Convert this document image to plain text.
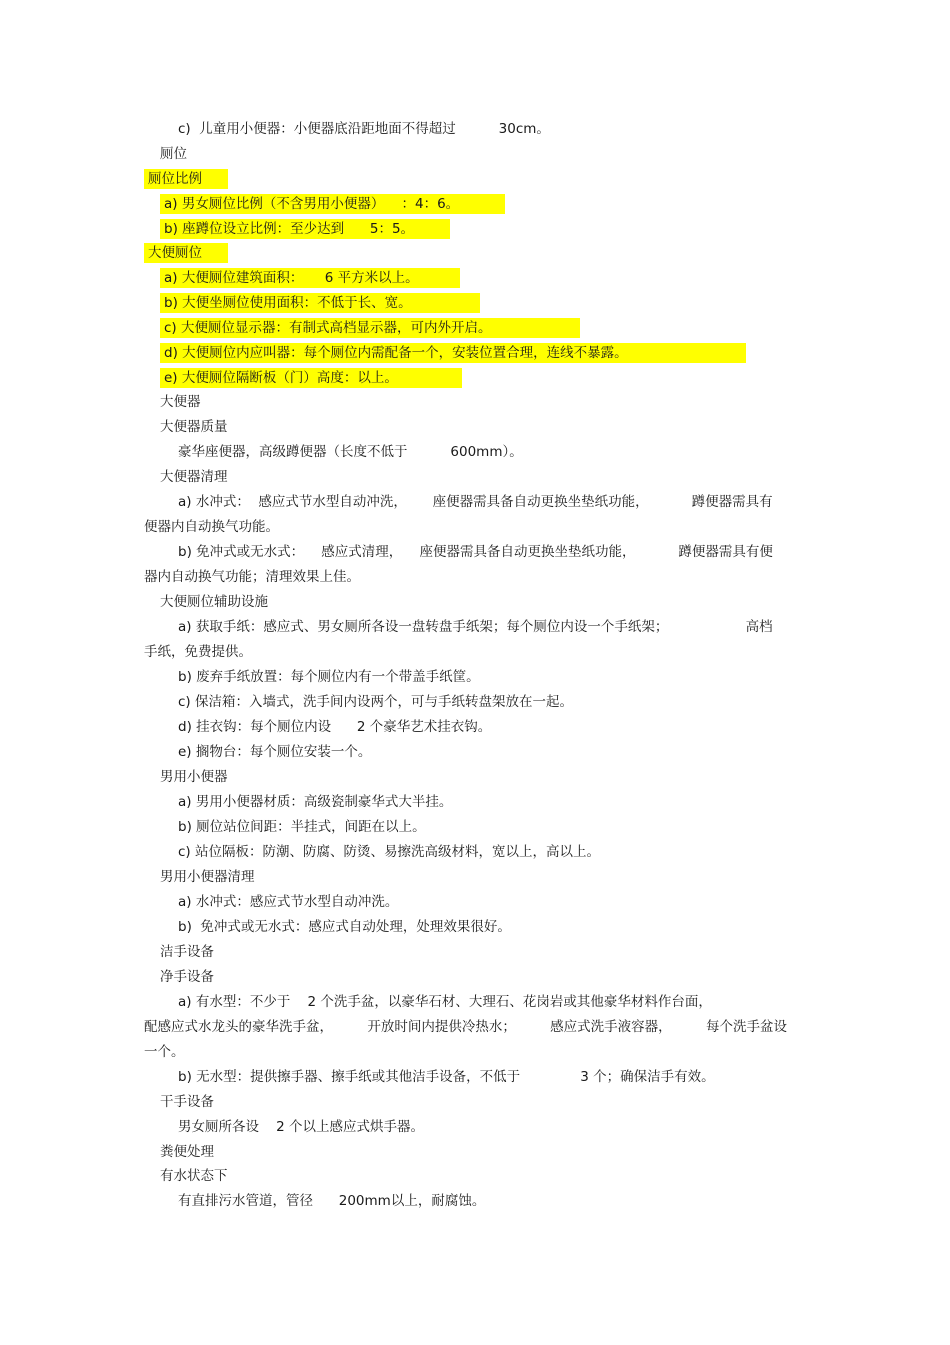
c)  儿童用小便器：小便器底沿距地面不得超过          30cm。
厕位
厕位比例
a) 男女厕位比例（不含男用小便器）    ：4：6。
b) 座蹲位设立比例：至少达到      5：5。
大便厕位
a) 大便厕位建筑面积：     6 平方米以上。
b) 大便坐厕位使用面积：不低于长、宽。
c) 大便厕位显示器：有制式高档显示器，可内外开启。
d) 大便厕位内应叫器：每个厕位内需配备一个，安装位置合理，连线不暴露。
e) 大便厕位隔断板（门）高度：以上。
大便器
大便器质量
豪华座便器，高级蹲便器（长度不低于          600mm）。
大便器清理
a) 水冲式：  感应式节水型自动冲洗，      座便器需具备自动更换坐垫纸功能，          蹲便器需具有
便器内自动换气功能。
b) 免冲式或无水式：    感应式清理，    座便器需具备自动更换坐垫纸功能，          蹲便器需具有便
器内自动换气功能；清理效果上佳。
大便厕位辅助设施
a) 获取手纸：感应式、男女厕所各设一盘转盘手纸架；每个厕位内设一个手纸架；                  高档
手纸，免费提供。
b) 废弃手纸放置：每个厕位内有一个带盖手纸筐。
c) 保洁箱：入墙式，洗手间内设两个，可与手纸转盘架放在一起。
d) 挂衣钩：每个厕位内设      2 个豪华艺术挂衣钩。
e) 搁物台：每个厕位安装一个。
男用小便器
a) 男用小便器材质：高级瓷制豪华式大半挂。
b) 厕位站位间距：半挂式，间距在以上。
c) 站位隔板：防潮、防腐、防烫、易擦洗高级材料，宽以上，高以上。
男用小便器清理
a) 水冲式：感应式节水型自动冲洗。
b)  免冲式或无水式：感应式自动处理，处理效果很好。
洁手设备
净手设备
a) 有水型：不少于    2 个洗手盆，以豪华石材、大理石、花岗岩或其他豪华材料作台面，
配感应式水龙头的豪华洗手盆，        开放时间内提供冷热水；        感应式洗手液容器，        每个洗手盆设
一个。
b) 无水型：提供擦手器、擦手纸或其他洁手设备，不低于              3 个；确保洁手有效。
干手设备
男女厕所各设    2 个以上感应式烘手器。
粪便处理
有水状态下
有直排污水管道，管径      200mm以上，耐腐蚀。
